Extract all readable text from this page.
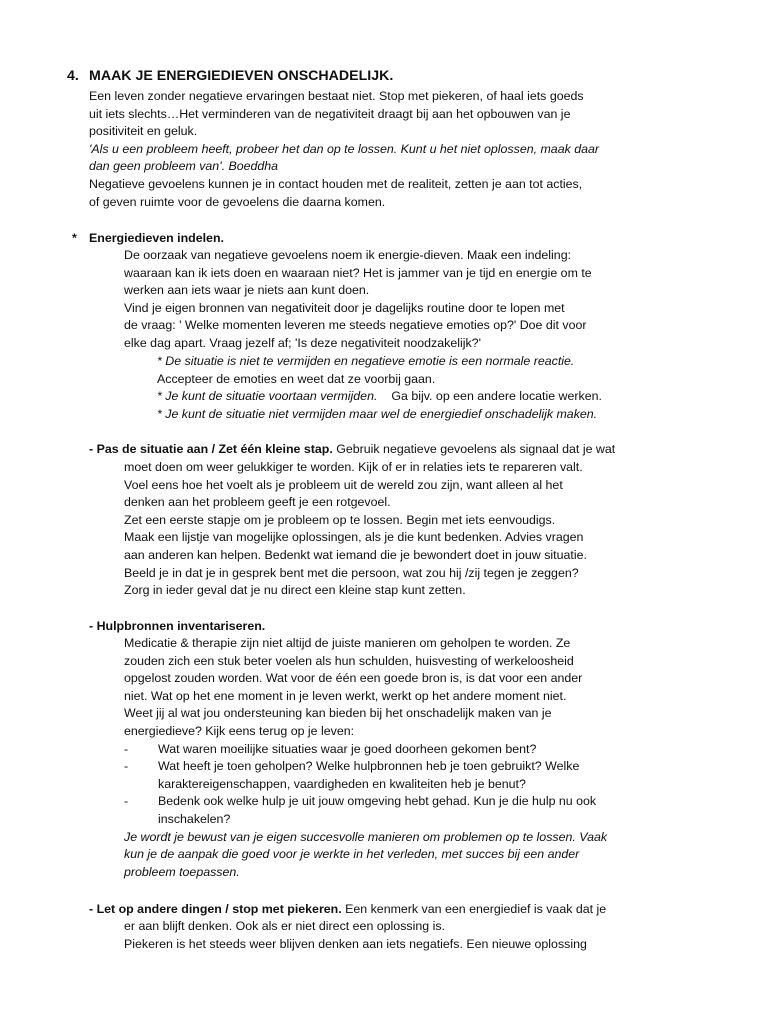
4. MAAK JE ENERGIEDIEVEN ONSCHADELIJK.

Een leven zonder negatieve ervaringen bestaat niet. Stop met piekeren, of haal iets goeds

uit iets slechts…Het verminderen van de negativiteit draagt bij aan het opbouwen van je

positiviteit en geluk.

'Als u een probleem heeft, probeer het dan op te lossen. Kunt u het niet oplossen, maak daar

dan geen probleem van'. Boeddha

Negatieve gevoelens kunnen je in contact houden met de realiteit, zetten je aan tot acties,

of geven ruimte voor de gevoelens die daarna komen.

* Energiedieven indelen.

De oorzaak van negatieve gevoelens noem ik energie-dieven. Maak een indeling:

waaraan kan ik iets doen en waaraan niet? Het is jammer van je tijd en energie om te

werken aan iets waar je niets aan kunt doen.

Vind je eigen bronnen van negativiteit door je dagelijks routine door te lopen met

de vraag: ' Welke momenten leveren me steeds negatieve emoties op?' Doe dit voor

elke dag apart. Vraag jezelf af; 'Is deze negativiteit noodzakelijk?'

* De situatie is niet te vermijden en negatieve emotie is een normale reactie.

Accepteer de emoties en weet dat ze voorbij gaan.

* Je kunt de situatie voortaan vermijden. Ga bijv. op een andere locatie werken.

* Je kunt de situatie niet vermijden maar wel de energiedief onschadelijk maken.

- Pas de situatie aan / Zet één kleine stap. Gebruik negatieve gevoelens als signaal dat je wat

moet doen om weer gelukkiger te worden. Kijk of er in relaties iets te repareren valt.

Voel eens hoe het voelt als je probleem uit de wereld zou zijn, want alleen al het

denken aan het probleem geeft je een rotgevoel.

Zet een eerste stapje om je probleem op te lossen. Begin met iets eenvoudigs.

Maak een lijstje van mogelijke oplossingen, als je die kunt bedenken. Advies vragen

aan anderen kan helpen. Bedenkt wat iemand die je bewondert doet in jouw situatie.

Beeld je in dat je in gesprek bent met die persoon, wat zou hij /zij tegen je zeggen?

Zorg in ieder geval dat je nu direct een kleine stap kunt zetten.

- Hulpbronnen inventariseren.

Medicatie & therapie zijn niet altijd de juiste manieren om geholpen te worden. Ze

zouden zich een stuk beter voelen als hun schulden, huisvesting of werkeloosheid

opgelost zouden worden. Wat voor de één een goede bron is, is dat voor een ander

niet. Wat op het ene moment in je leven werkt, werkt op het andere moment niet.

Weet jij al wat jou ondersteuning kan bieden bij het onschadelijk maken van je

energiedieve? Kijk eens terug op je leven:

-	Wat waren moeilijke situaties waar je goed doorheen gekomen bent?

-	Wat heeft je toen geholpen? Welke hulpbronnen heb je toen gebruikt? Welke

karaktereigenschappen, vaardigheden en kwaliteiten heb je benut?

-	Bedenk ook welke hulp je uit jouw omgeving hebt gehad. Kun je die hulp nu ook

inschakelen?

Je wordt je bewust van je eigen succesvolle manieren om problemen op te lossen. Vaak

kun je de aanpak die goed voor je werkte in het verleden, met succes bij een ander

probleem toepassen.

- Let op andere dingen / stop met piekeren. Een kenmerk van een energiedief is vaak dat je

er aan blijft denken. Ook als er niet direct een oplossing is.

Piekeren is het steeds weer blijven denken aan iets negatiefs. Een nieuwe oplossing
